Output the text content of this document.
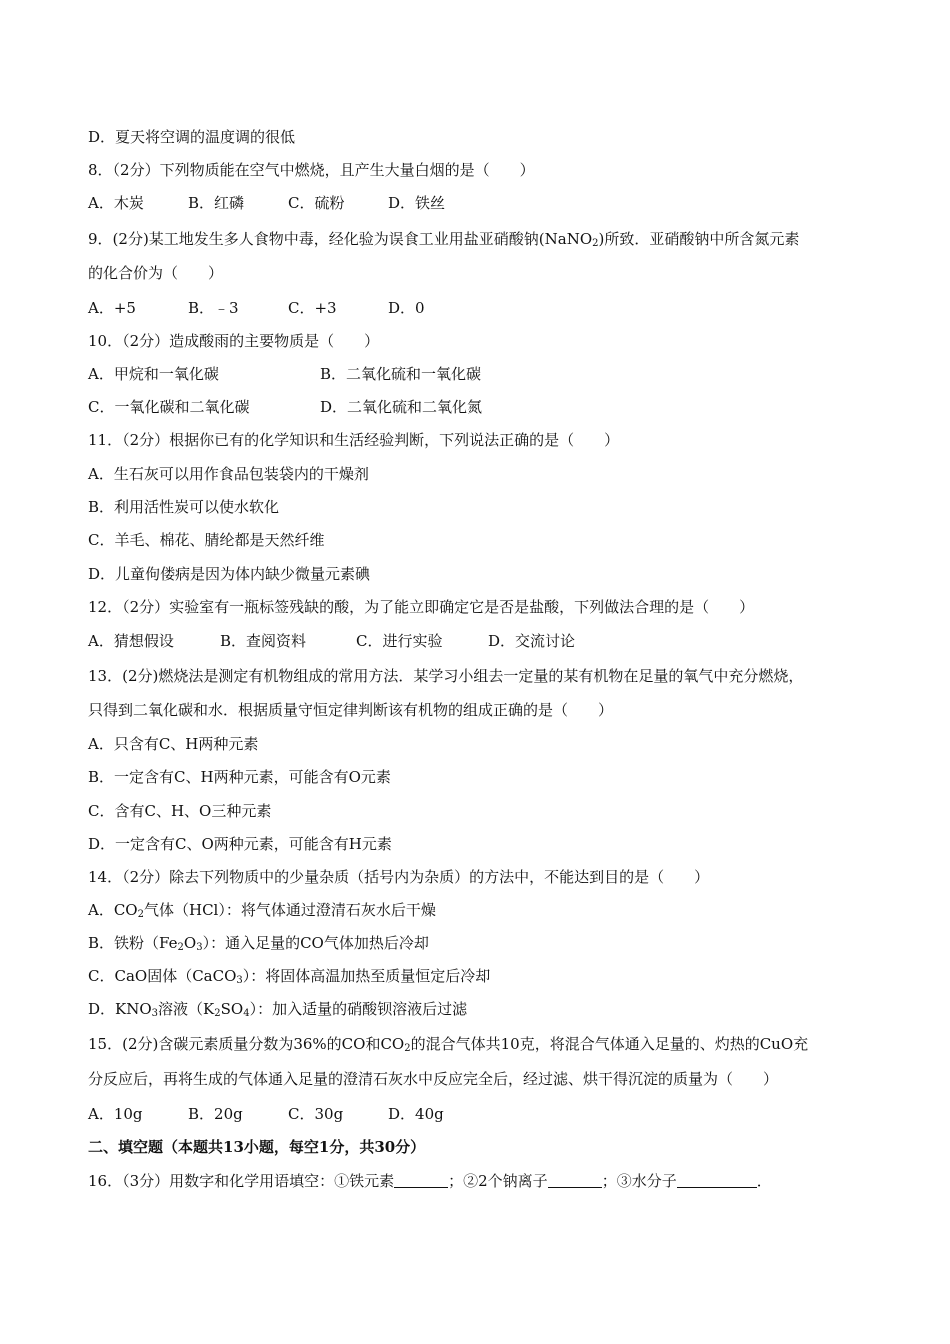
D．夏天将空调的温度调的很低
8．（2分）下列物质能在空气中燃烧，且产生大量白烟的是（　　）
A．木炭	B．红磷	C．硫粉	D．铁丝
9．(2分)某工地发生多人食物中毒，经化验为误食工业用盐亚硝酸钠(NaNO$_2$)所致．亚硝酸钠中所含氮元素
的化合价为（　　）
A．+5	B．﹣3	C．+3	D．0
10．（2分）造成酸雨的主要物质是（　　）
A．甲烷和一氧化碳	B．二氧化硫和一氧化碳
C．一氧化碳和二氧化碳	D．二氧化硫和二氧化氮
11．（2分）根据你已有的化学知识和生活经验判断，下列说法正确的是（　　）
A．生石灰可以用作食品包装袋内的干燥剂
B．利用活性炭可以使水软化
C．羊毛、棉花、腈纶都是天然纤维
D．儿童佝偻病是因为体内缺少微量元素碘
12．（2分）实验室有一瓶标签残缺的酸，为了能立即确定它是否是盐酸，下列做法合理的是（　　）
A．猜想假设	B．查阅资料	C．进行实验	D．交流讨论
13．(2分)燃烧法是测定有机物组成的常用方法．某学习小组去一定量的某有机物在足量的氧气中充分燃烧，
只得到二氧化碳和水．根据质量守恒定律判断该有机物的组成正确的是（　　）
A．只含有C、H两种元素
B．一定含有C、H两种元素，可能含有O元素
C．含有C、H、O三种元素
D．一定含有C、O两种元素，可能含有H元素
14．（2分）除去下列物质中的少量杂质（括号内为杂质）的方法中，不能达到目的是（　　）
A．$CO_2$气体（HCl）：将气体通过澄清石灰水后干燥
B．铁粉$(Fe_2O_3)$：通入足量的CO气体加热后冷却
C．CaO固体（CaCO$_3$）：将固体高温加热至质量恒定后冷却
D．$KNO_3$溶液$(K_2SO_4)$：加入适量的硝酸钡溶液后过滤
15．(2分)含碳元素质量分数为36%的CO和$CO_2$的混合气体共10克，将混合气体通入足量的、灼热的CuO充
分反应后，再将生成的气体通入足量的澄清石灰水中反应完全后，经过滤、烘干得沉淀的质量为（　　）
A．10g	B．20g	C．30g	D．40g
二、填空题（本题共13小题，每空1分，共30分）
16．（3分）用数字和化学用语填空：①铁元素	；②2个钠离子	；③水分子	．
